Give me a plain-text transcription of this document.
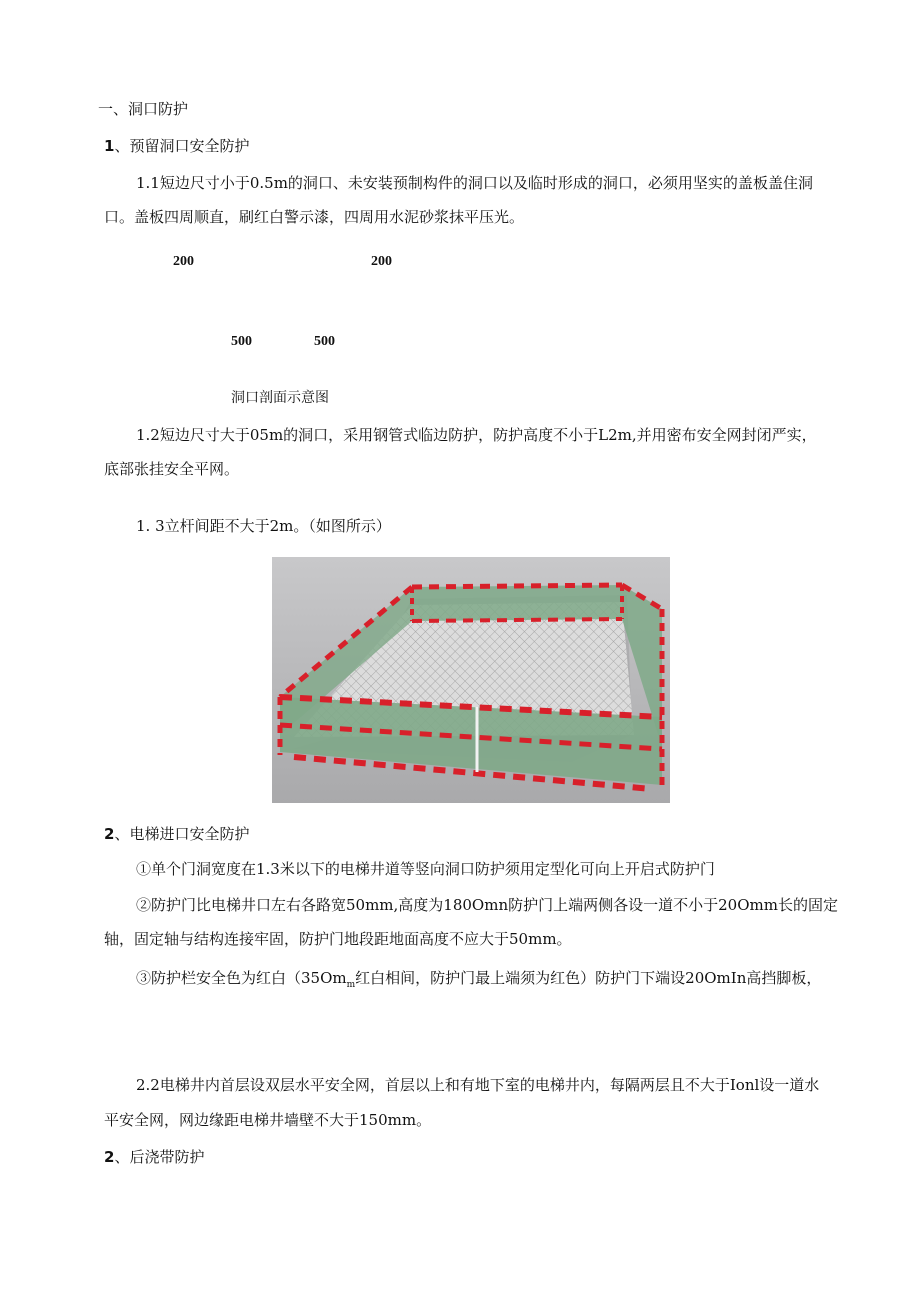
一、洞口防护
1、预留洞口安全防护
1.1短边尺寸小于0.5m的洞口、未安装预制构件的洞口以及临时形成的洞口，必须用坚实的盖板盖住洞
口。盖板四周顺直，刷红白警示漆，四周用水泥砂浆抹平压光。
200	200
500	500
洞口剖面示意图
1.2短边尺寸大于05m的洞口，采用钢管式临边防护，防护高度不小于L2m,并用密布安全网封闭严实，
底部张挂安全平网。
1. 3立杆间距不大于2m。（如图所示）
2、电梯进口安全防护
①单个门洞宽度在1.3米以下的电梯井道等竖向洞口防护须用定型化可向上开启式防护门
②防护门比电梯井口左右各路宽50mm,高度为180Omn防护门上端两侧各设一道不小于20Omm长的固定
轴，固定轴与结构连接牢固，防护门地段距地面高度不应大于50mm。
③防护栏安全色为红白（$35Om_m$红白相间，防护门最上端须为红色）防护门下端设20OmIn高挡脚板，
2.2电梯井内首层设双层水平安全网，首层以上和有地下室的电梯井内，每隔两层且不大于Ionl设一道水
平安全网，网边缘距电梯井墙壁不大于150mm。
2、后浇带防护
